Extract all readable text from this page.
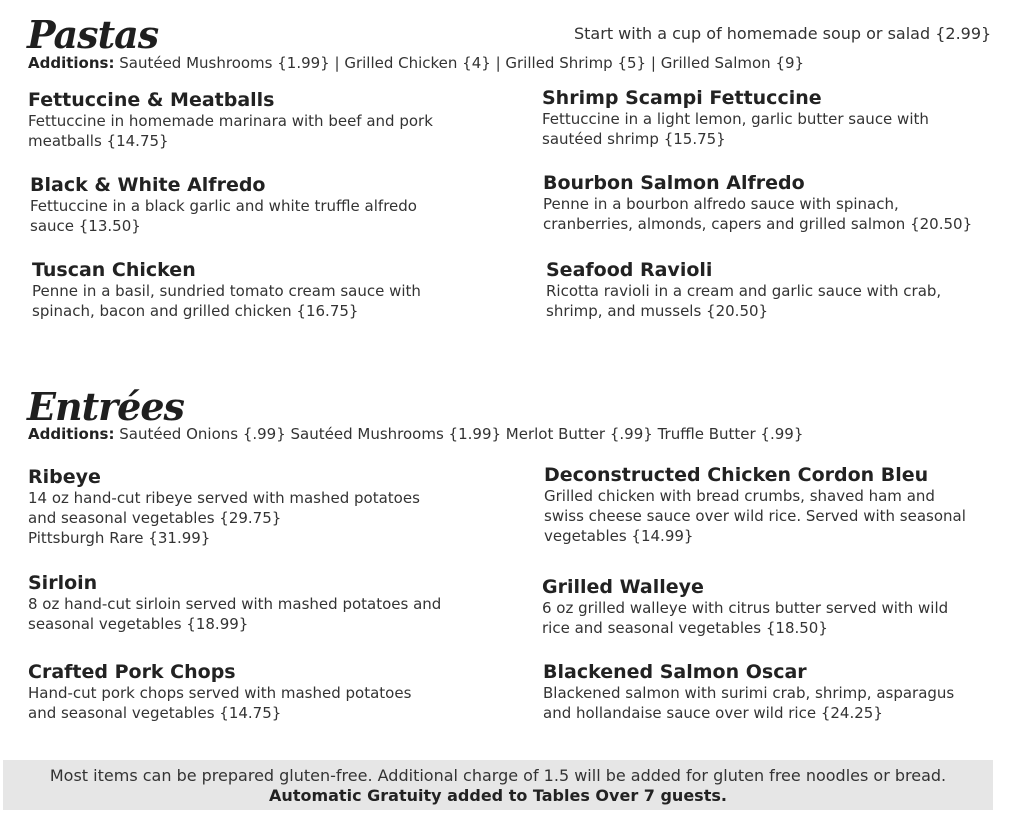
Pastas	Start with a cup of homemade soup or salad {2.99}
Additions: Sautéed Mushrooms {1.99} | Grilled Chicken {4} | Grilled Shrimp {5} | Grilled Salmon {9}
Fettuccine & Meatballs
Fettuccine in homemade marinara with beef and pork
meatballs {14.75}
Shrimp Scampi Fettuccine
Fettuccine in a light lemon, garlic butter sauce with
sautéed shrimp {15.75}
Black & White Alfredo
Fettuccine in a black garlic and white truffle alfredo
sauce {13.50}
Bourbon Salmon Alfredo
Penne in a bourbon alfredo sauce with spinach,
cranberries, almonds, capers and grilled salmon {20.50}
Tuscan Chicken
Penne in a basil, sundried tomato cream sauce with
spinach, bacon and grilled chicken {16.75}
Seafood Ravioli
Ricotta ravioli in a cream and garlic sauce with crab,
shrimp, and mussels {20.50}
Entrées
Additions: Sautéed Onions {.99} Sautéed Mushrooms {1.99} Merlot Butter {.99} Truffle Butter {.99}
Ribeye
14 oz hand-cut ribeye served with mashed potatoes
and seasonal vegetables {29.75}
Pittsburgh Rare {31.99}
Deconstructed Chicken Cordon Bleu
Grilled chicken with bread crumbs, shaved ham and
swiss cheese sauce over wild rice. Served with seasonal
vegetables {14.99}
Sirloin
8 oz hand-cut sirloin served with mashed potatoes and
seasonal vegetables {18.99}
Grilled Walleye
6 oz grilled walleye with citrus butter served with wild
rice and seasonal vegetables {18.50}
Crafted Pork Chops
Hand-cut pork chops served with mashed potatoes
and seasonal vegetables {14.75}
Blackened Salmon Oscar
Blackened salmon with surimi crab, shrimp, asparagus
and hollandaise sauce over wild rice {24.25}
Most items can be prepared gluten-free. Additional charge of 1.5 will be added for gluten free noodles or bread.
Automatic Gratuity added to Tables Over 7 guests.
